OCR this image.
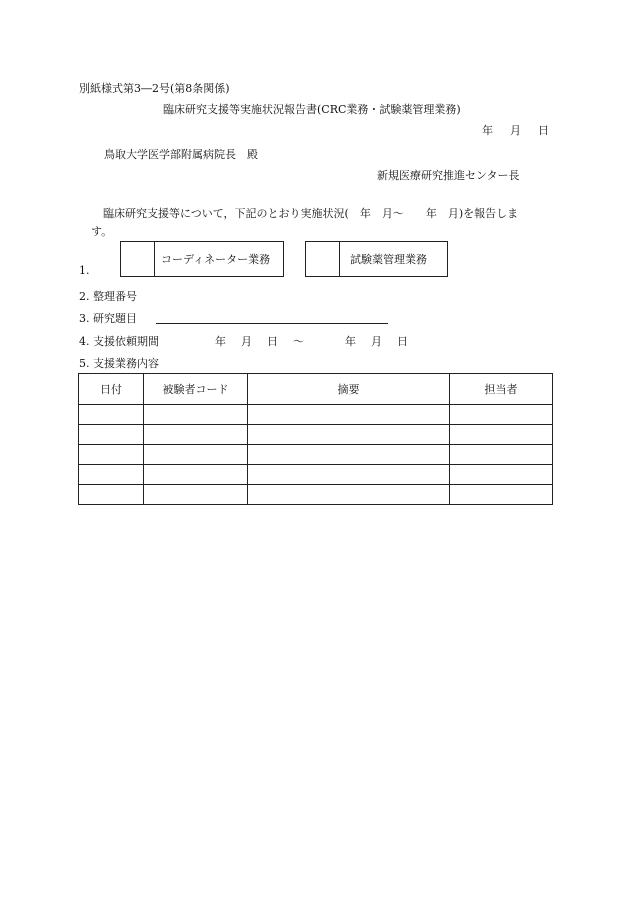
別紙様式第3―2号(第8条関係)
臨床研究支援等実施状況報告書(CRC業務・試験薬管理業務)
年　月　日
鳥取大学医学部附属病院長　殿
新規医療研究推進センター長
臨床研究支援等について，下記のとおり実施状況(　年　月～　　年　月)を報告しま
す。
1.
コーディネーター業務	試験薬管理業務
2. 整理番号
3. 研究題目
4. 支援依頼期間	年　月　日　～　　　年　月　日
5. 支援業務内容
日付	被験者コード	摘要	担当者
